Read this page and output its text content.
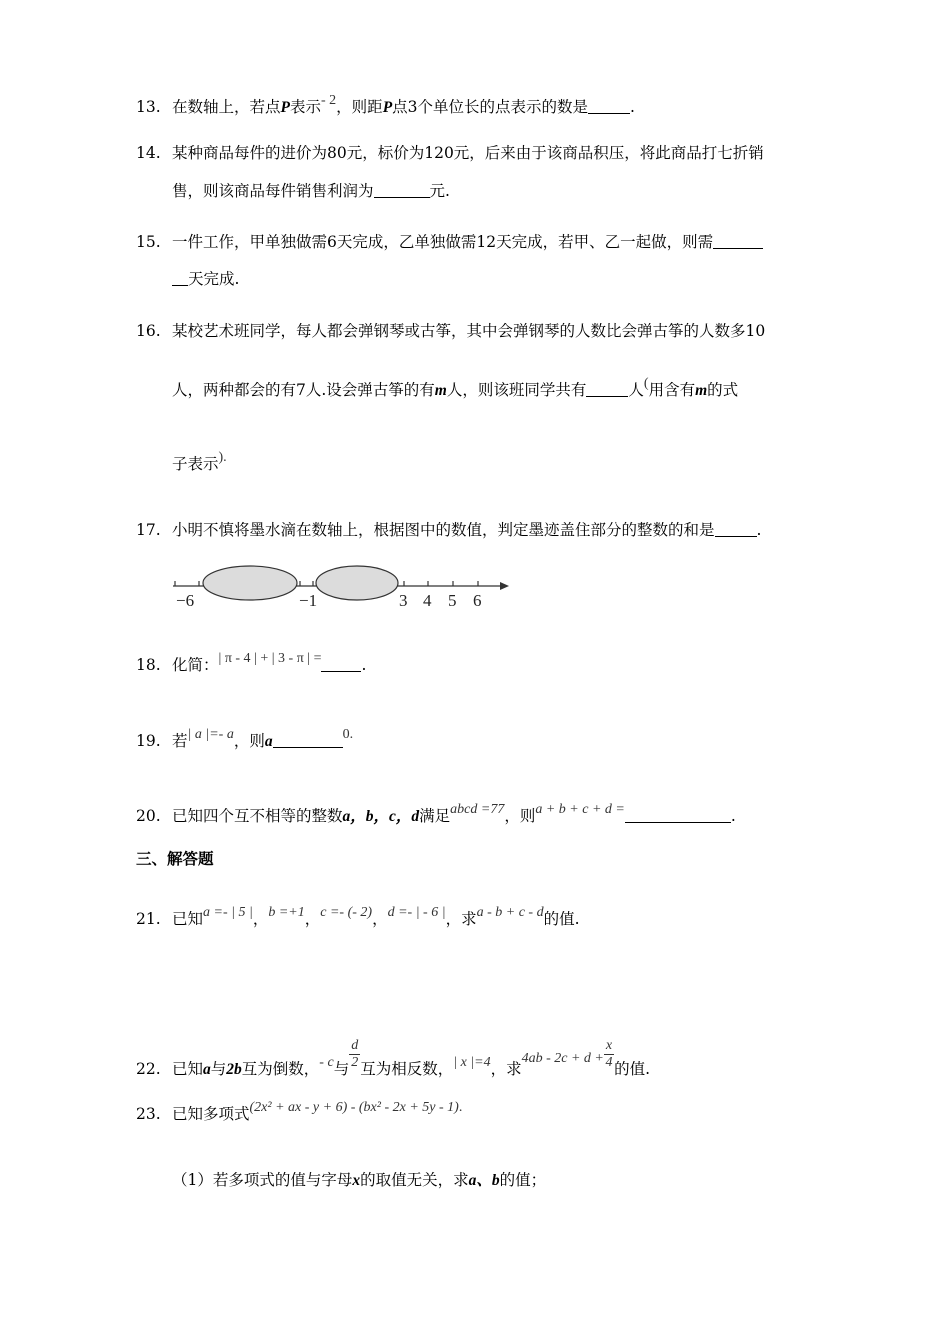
13. 在数轴上，若点P表示- 2，则距P点3个单位长的点表示的数是	.
14. 某种商品每件的进价为80元，标价为120元，后来由于该商品积压，将此商品打七折销
售，则该商品每件销售利润为	元.
15. 一件工作，甲单独做需6天完成，乙单独做需12天完成，若甲、乙一起做，则需
天完成.
16. 某校艺术班同学，每人都会弹钢琴或古筝，其中会弹钢琴的人数比会弹古筝的人数多10
人，两种都会的有7人.设会弹古筝的有m人，则该班同学共有	人(用含有m的式
子表示).
17. 小明不慎将墨水滴在数轴上，根据图中的数值，判定墨迹盖住部分的整数的和是	.
−6	−1	3 4 5 6
18. 化简：| π - 4 | + | 3 - π | =	.
19. 若| a |=- a，则a	0.
20. 已知四个互不相等的整数a，b，c，d满足abcd =77，则a + b + c + d =	.
三、解答题
21. 已知a =- | 5 |，b =+1，c =- (- 2)，d =- | - 6 |，求a - b + c - d的值.
22. 已知a与2b互为倒数，- c与 $\frac{d}{2}$ 互为相反数，| x |=4，求$4ab - 2c + d + \frac{x}{4}$ 的值.
23. 已知多项式(2x² + ax - y + 6) - (bx² - 2x + 5y - 1).
（1）若多项式的值与字母x的取值无关，求a、b的值；
